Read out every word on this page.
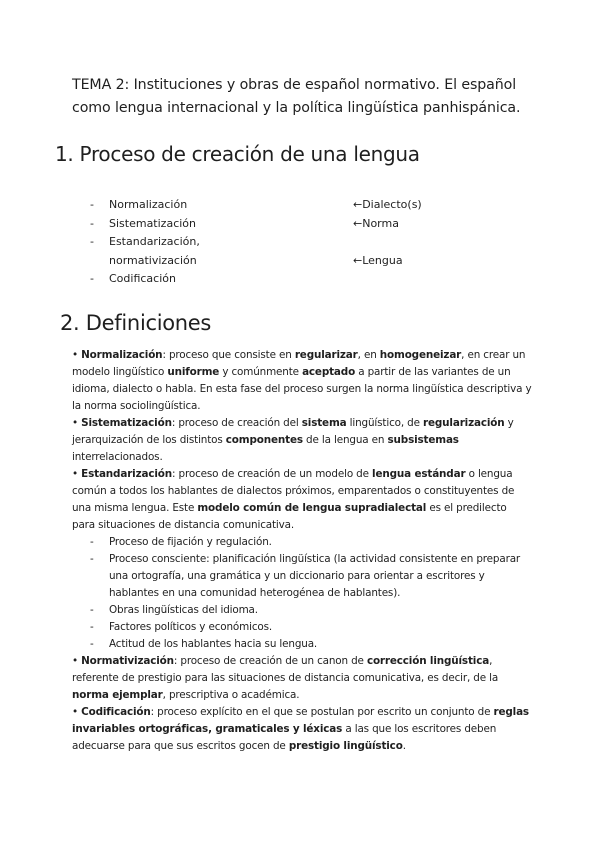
TEMA 2: Instituciones y obras de español normativo. El español
como lengua internacional y la política lingüística panhispánica.
1. Proceso de creación de una lengua
- Normalización	←Dialecto(s)
- Sistematización	←Norma
- Estandarización,
normativización	←Lengua
- Codificación
2. Definiciones

• Normalización: proceso que consiste en regularizar, en homogeneizar, en crear un modelo lingüístico uniforme y comúnmente aceptado a partir de las variantes de un idioma, dialecto o habla. En esta fase del proceso surgen la norma lingüística descriptiva y la norma sociolingüística.

• Sistematización: proceso de creación del sistema lingüístico, de regularización y jerarquización de los distintos componentes de la lengua en subsistemas interrelacionados.

• Estandarización: proceso de creación de un modelo de lengua estándar o lengua común a todos los hablantes de dialectos próximos, emparentados o constituyentes de una misma lengua. Este modelo común de lengua supradialectal es el predilecto para situaciones de distancia comunicativa.

- Proceso de fijación y regulación.
- Proceso consciente: planificación lingüística (la actividad consistente en preparar una ortografía, una gramática y un diccionario para orientar a escritores y hablantes en una comunidad heterogénea de hablantes).
- Obras lingüísticas del idioma.
- Factores políticos y económicos.
- Actitud de los hablantes hacia su lengua.

• Normativización: proceso de creación de un canon de corrección lingüística, referente de prestigio para las situaciones de distancia comunicativa, es decir, de la norma ejemplar, prescriptiva o académica.

• Codificación: proceso explícito en el que se postulan por escrito un conjunto de reglas invariables ortográficas, gramaticales y léxicas a las que los escritores deben adecuarse para que sus escritos gocen de prestigio lingüístico.
